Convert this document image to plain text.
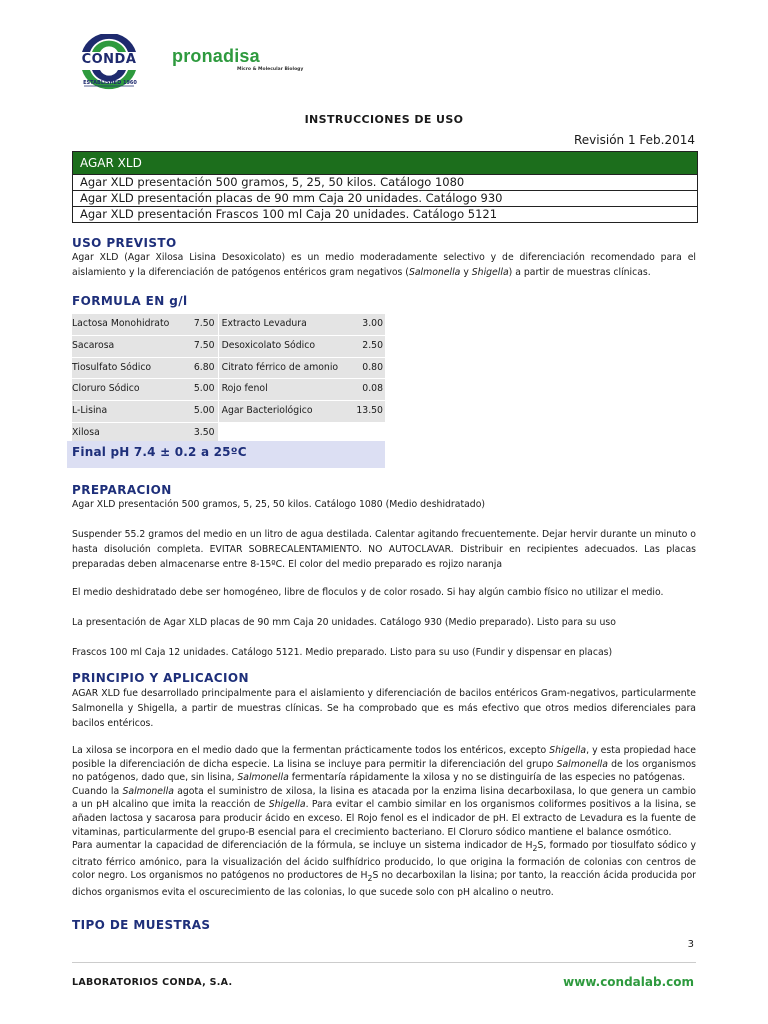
CONDA
ESTABLISHED 1960
pronadisa
Micro & Molecular Biology
INSTRUCCIONES DE USO
Revisión 1 Feb.2014
AGAR XLD
Agar XLD presentación 500 gramos, 5, 25, 50 kilos. Catálogo 1080
Agar XLD presentación placas de 90 mm Caja 20 unidades. Catálogo 930
Agar XLD presentación Frascos 100 ml Caja 20 unidades. Catálogo 5121
USO PREVISTO
Agar XLD (Agar Xilosa Lisina Desoxicolato) es un medio moderadamente selectivo y de diferenciación recomendado para el aislamiento y la diferenciación de patógenos entéricos gram negativos (Salmonella y Shigella) a partir de muestras clínicas.
FORMULA EN g/l
Lactosa Monohidrato	7.50 Extracto Levadura	3.00
Sacarosa	7.50 Desoxicolato Sódico	2.50
Tiosulfato Sódico	6.80 Citrato férrico de amonio	0.80
Cloruro Sódico	5.00 Rojo fenol	0.08
L-Lisina	5.00 Agar Bacteriológico	13.50
Xilosa	3.50
Final pH 7.4 ± 0.2 a 25ºC
PREPARACION
Agar XLD presentación 500 gramos, 5, 25, 50 kilos. Catálogo 1080 (Medio deshidratado)
Suspender 55.2 gramos del medio en un litro de agua destilada. Calentar agitando frecuentemente. Dejar hervir durante un minuto o hasta disolución completa. EVITAR SOBRECALENTAMIENTO. NO AUTOCLAVAR. Distribuir en recipientes adecuados. Las placas preparadas deben almacenarse entre 8-15ºC. El color del medio preparado es rojizo naranja
El medio deshidratado debe ser homogéneo, libre de floculos y de color rosado. Si hay algún cambio físico no utilizar el medio.
La presentación de Agar XLD placas de 90 mm Caja 20 unidades. Catálogo 930 (Medio preparado). Listo para su uso
Frascos 100 ml Caja 12 unidades. Catálogo 5121. Medio preparado. Listo para su uso (Fundir y dispensar en placas)
PRINCIPIO Y APLICACION
AGAR XLD fue desarrollado principalmente para el aislamiento y diferenciación de bacilos entéricos Gram-negativos, particularmente Salmonella y Shigella, a partir de muestras clínicas. Se ha comprobado que es más efectivo que otros medios diferenciales para bacilos entéricos.
La xilosa se incorpora en el medio dado que la fermentan prácticamente todos los entéricos, excepto Shigella, y esta propiedad hace posible la diferenciación de dicha especie. La lisina se incluye para permitir la diferenciación del grupo Salmonella de los organismos no patógenos, dado que, sin lisina, Salmonella fermentaría rápidamente la xilosa y no se distinguiría de las especies no patógenas.
Cuando la Salmonella agota el suministro de xilosa, la lisina es atacada por la enzima lisina decarboxilasa, lo que genera un cambio a un pH alcalino que imita la reacción de Shigella. Para evitar el cambio similar en los organismos coliformes positivos a la lisina, se añaden lactosa y sacarosa para producir ácido en exceso. El Rojo fenol es el indicador de pH. El extracto de Levadura es la fuente de vitaminas, particularmente del grupo-B esencial para el crecimiento bacteriano. El Cloruro sódico mantiene el balance osmótico.
Para aumentar la capacidad de diferenciación de la fórmula, se incluye un sistema indicador de $H_2S$, formado por tiosulfato sódico y citrato férrico amónico, para la visualización del ácido sulfhídrico producido, lo que origina la formación de colonias con centros de color negro. Los organismos no patógenos no productores de $H_2S$ no decarboxilan la lisina; por tanto, la reacción ácida producida por dichos organismos evita el oscurecimiento de las colonias, lo que sucede solo con pH alcalino o neutro.
TIPO DE MUESTRAS
3
LABORATORIOS CONDA, S.A.	www.condalab.com
